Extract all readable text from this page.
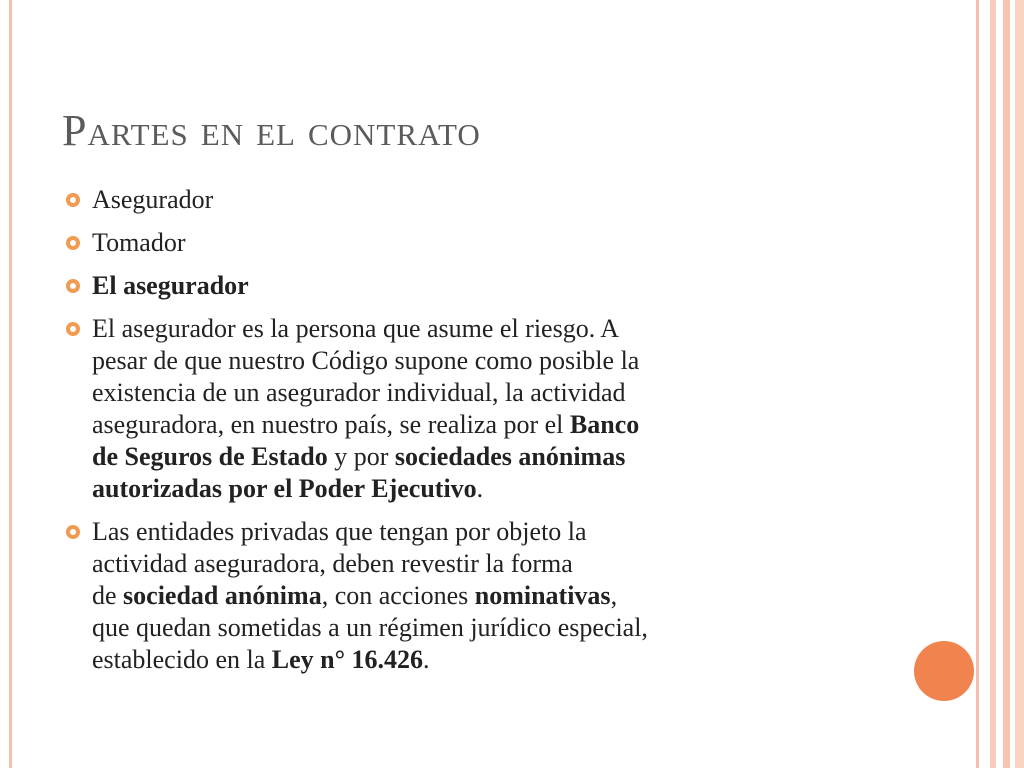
Partes en el contrato
Asegurador
Tomador
El asegurador
El asegurador es la persona que asume el riesgo. A
pesar de que nuestro Código supone como posible la
existencia de un asegurador individual, la actividad
aseguradora, en nuestro país, se realiza por el Banco
de Seguros de Estado y por sociedades anónimas
autorizadas por el Poder Ejecutivo.
Las entidades privadas que tengan por objeto la
actividad aseguradora, deben revestir la forma
de sociedad anónima, con acciones nominativas,
que quedan sometidas a un régimen jurídico especial,
establecido en la Ley n° 16.426.
